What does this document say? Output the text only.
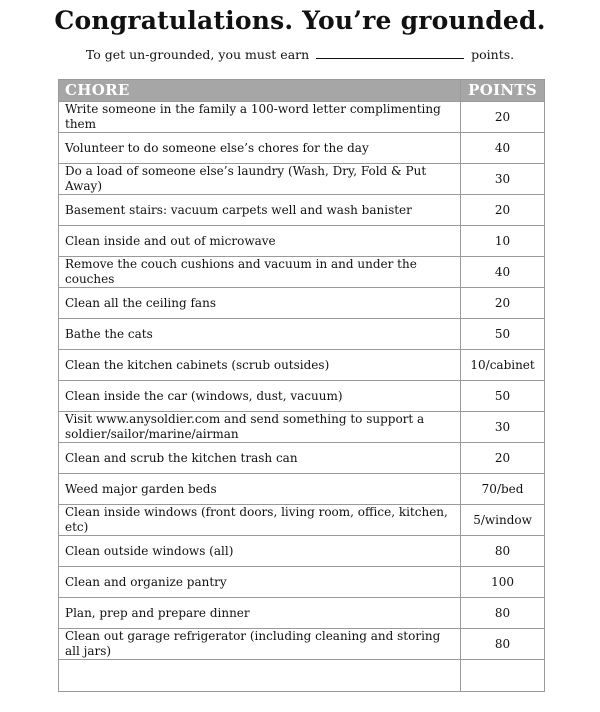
Congratulations. You’re grounded.
To get un-grounded, you must earn	points.
CHORE	POINTS
Write someone in the family a 100-word letter complimenting them	20
Volunteer to do someone else’s chores for the day	40
Do a load of someone else’s laundry (Wash, Dry, Fold & Put Away)	30
Basement stairs: vacuum carpets well and wash banister	20
Clean inside and out of microwave	10
Remove the couch cushions and vacuum in and under the couches	40
Clean all the ceiling fans	20
Bathe the cats	50
Clean the kitchen cabinets (scrub outsides)	10/cabinet
Clean inside the car (windows, dust, vacuum)	50
Visit www.anysoldier.com and send something to support a soldier/sailor/marine/airman	30
Clean and scrub the kitchen trash can	20
Weed major garden beds	70/bed
Clean inside windows (front doors, living room, office, kitchen, etc)	5/window
Clean outside windows (all)	80
Clean and organize pantry	100
Plan, prep and prepare dinner	80
Clean out garage refrigerator (including cleaning and storing all jars)	80
